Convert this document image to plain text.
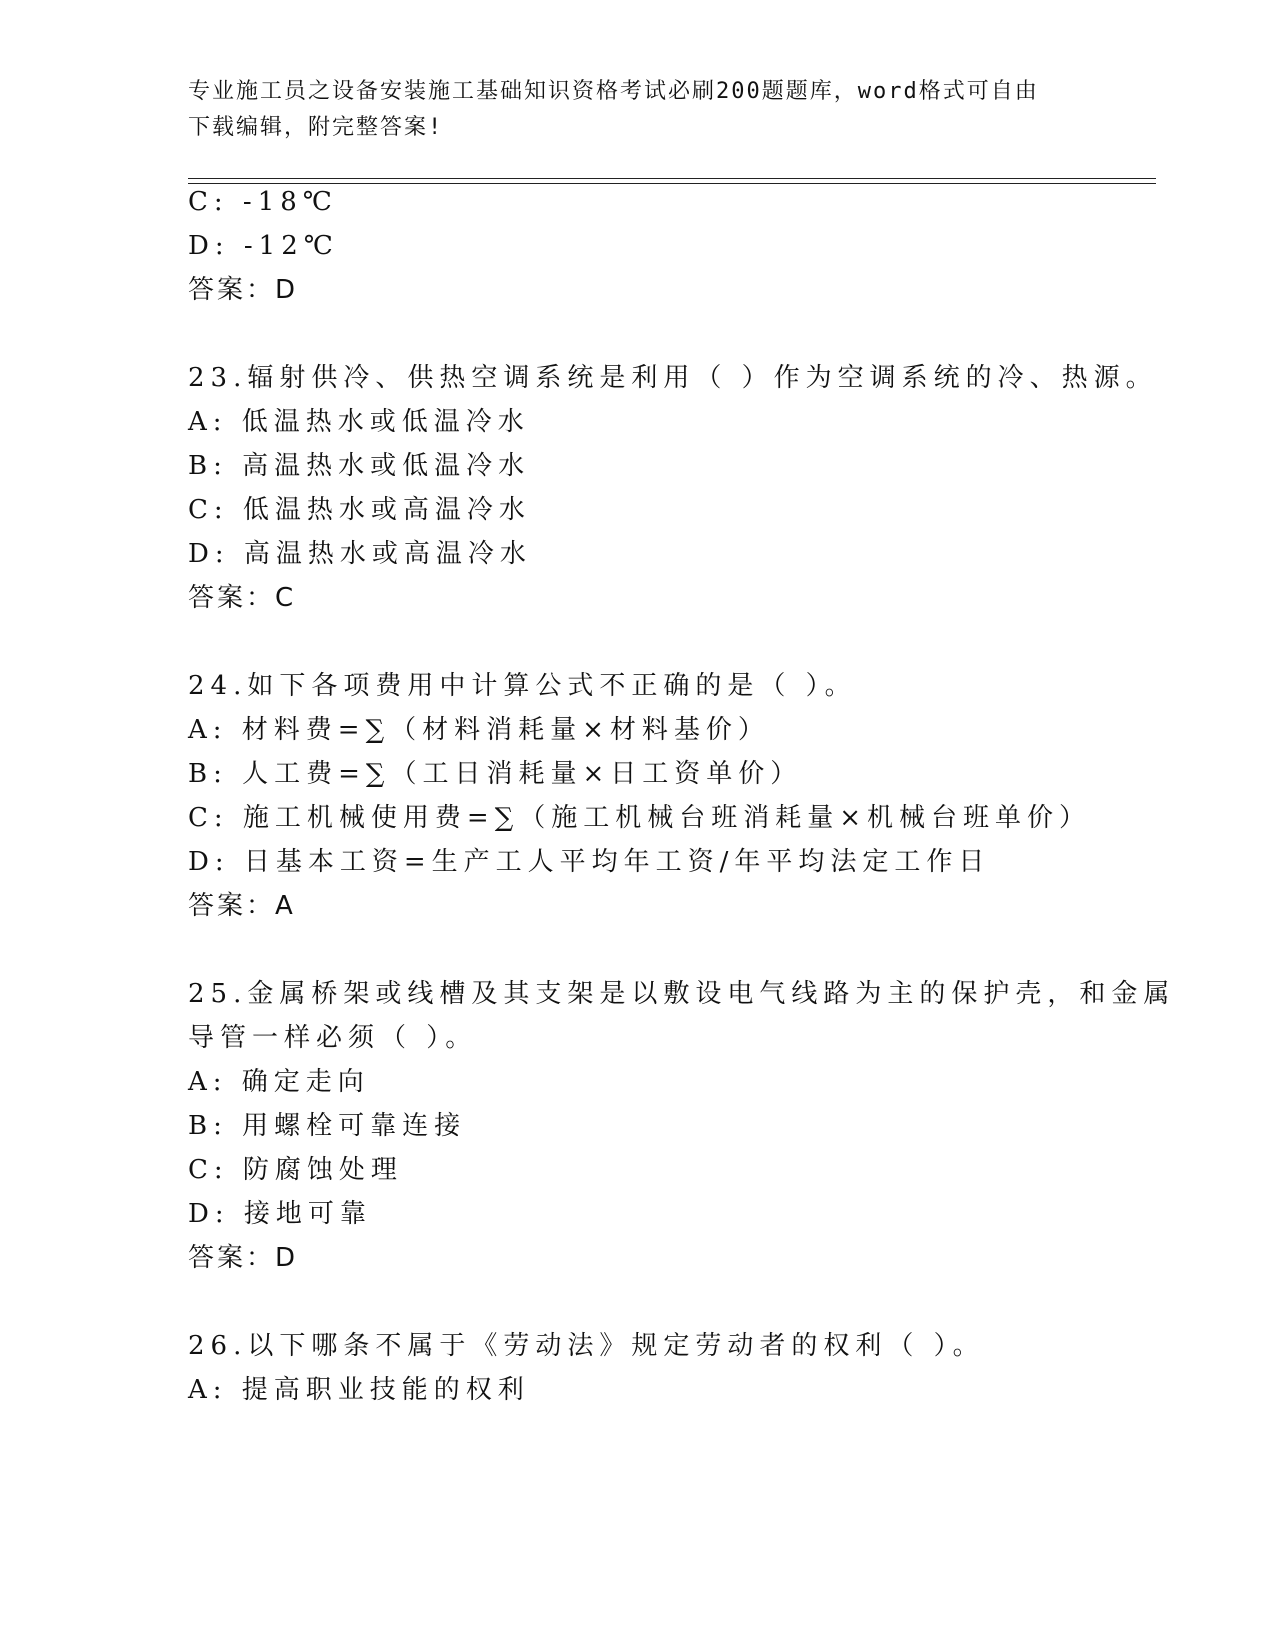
专业施工员之设备安装施工基础知识资格考试必刷200题题库，word格式可自由
下载编辑，附完整答案!
C: -18℃
D: -12℃
答案：D
23.辐射供冷、供热空调系统是利用（ ）作为空调系统的冷、热源。
A: 低温热水或低温冷水
B: 高温热水或低温冷水
C: 低温热水或高温冷水
D: 高温热水或高温冷水
答案：C
24.如下各项费用中计算公式不正确的是（ ）。
A: 材料费=∑（材料消耗量×材料基价）
B: 人工费=∑（工日消耗量×日工资单价）
C: 施工机械使用费=∑（施工机械台班消耗量×机械台班单价）
D: 日基本工资=生产工人平均年工资/年平均法定工作日
答案：A
25.金属桥架或线槽及其支架是以敷设电气线路为主的保护壳，和金属
导管一样必须（ ）。
A: 确定走向
B: 用螺栓可靠连接
C: 防腐蚀处理
D: 接地可靠
答案：D
26.以下哪条不属于《劳动法》规定劳动者的权利（ ）。
A: 提高职业技能的权利
